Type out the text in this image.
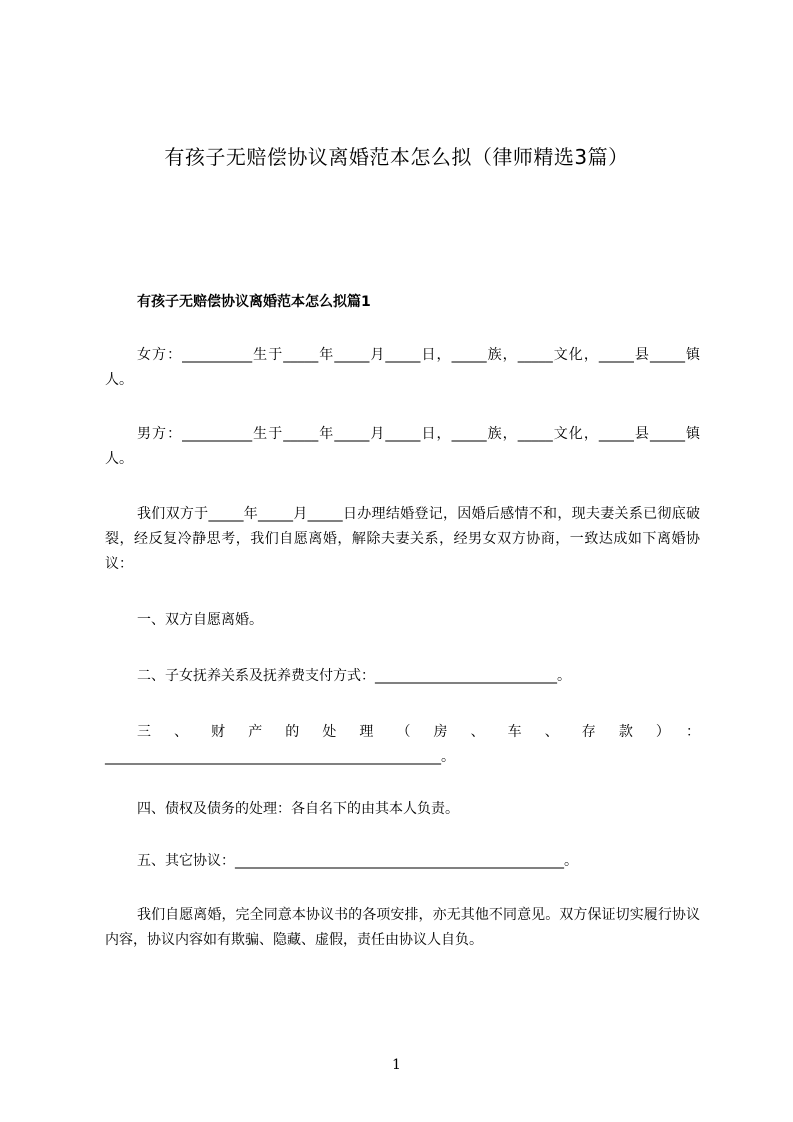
有孩子无赔偿协议离婚范本怎么拟（律师精选3篇）
有孩子无赔偿协议离婚范本怎么拟篇1

女方：__________生于_____年_____月_____日，_____族，_____文化，_____县_____镇人。

男方：__________生于_____年_____月_____日，_____族，_____文化，_____县_____镇人。

我们双方于_____年_____月_____日办理结婚登记，因婚后感情不和，现夫妻关系已彻底破裂，经反复冷静思考，我们自愿离婚，解除夫妻关系，经男女双方协商，一致达成如下离婚协议：

一、双方自愿离婚。

二、子女抚养关系及抚养费支付方式：__________________________。

三、财产的处理（房、车、存款）：________________________________________________。

四、债权及债务的处理：各自名下的由其本人负责。

五、其它协议：_______________________________________________。

我们自愿离婚，完全同意本协议书的各项安排，亦无其他不同意见。双方保证切实履行协议内容，协议内容如有欺骗、隐藏、虚假，责任由协议人自负。

1
